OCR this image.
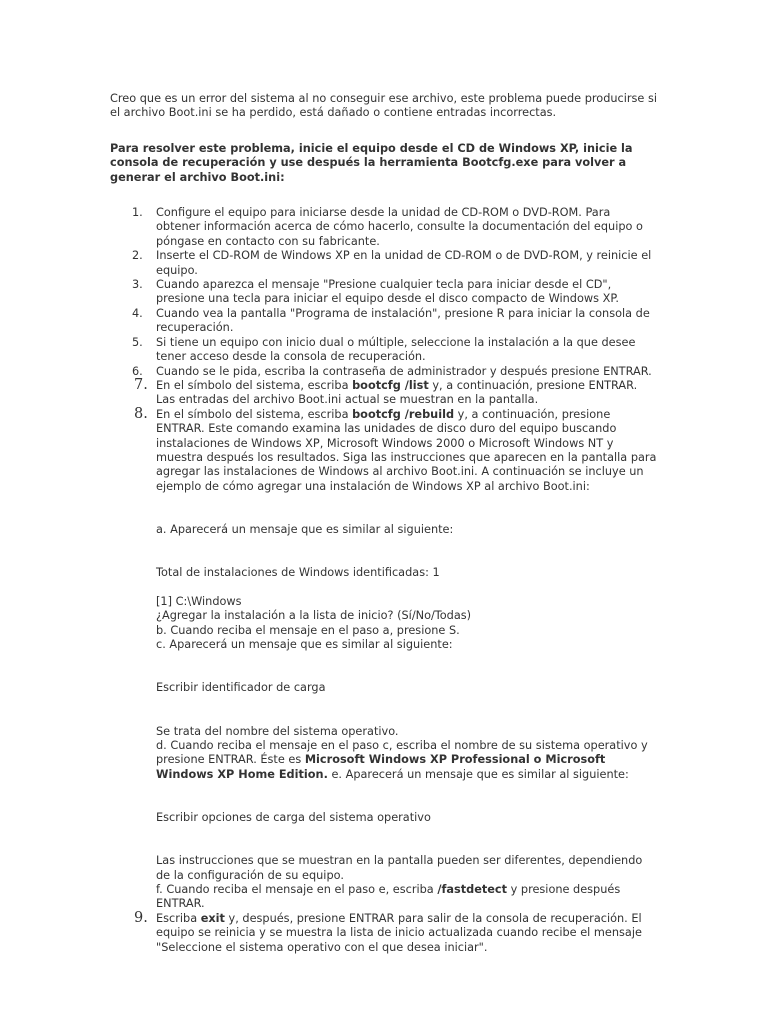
Creo que es un error del sistema al no conseguir ese archivo, este problema puede producirse si el archivo Boot.ini se ha perdido, está dañado o contiene entradas incorrectas.

Para resolver este problema, inicie el equipo desde el CD de Windows XP, inicie la consola de recuperación y use después la herramienta Bootcfg.exe para volver a generar el archivo Boot.ini:

1.	Configure el equipo para iniciarse desde la unidad de CD-ROM o DVD-ROM. Para obtener información acerca de cómo hacerlo, consulte la documentación del equipo o póngase en contacto con su fabricante.
2.	Inserte el CD-ROM de Windows XP en la unidad de CD-ROM o de DVD-ROM, y reinicie el equipo.
3.	Cuando aparezca el mensaje "Presione cualquier tecla para iniciar desde el CD", presione una tecla para iniciar el equipo desde el disco compacto de Windows XP.
4.	Cuando vea la pantalla "Programa de instalación", presione R para iniciar la consola de recuperación.
5.	Si tiene un equipo con inicio dual o múltiple, seleccione la instalación a la que desee tener acceso desde la consola de recuperación.
6.	Cuando se le pida, escriba la contraseña de administrador y después presione ENTRAR.
7. En el símbolo del sistema, escriba bootcfg /list y, a continuación, presione ENTRAR. Las entradas del archivo Boot.ini actual se muestran en la pantalla.
8. En el símbolo del sistema, escriba bootcfg /rebuild y, a continuación, presione ENTRAR. Este comando examina las unidades de disco duro del equipo buscando instalaciones de Windows XP, Microsoft Windows 2000 o Microsoft Windows NT y muestra después los resultados. Siga las instrucciones que aparecen en la pantalla para agregar las instalaciones de Windows al archivo Boot.ini. A continuación se incluye un ejemplo de cómo agregar una instalación de Windows XP al archivo Boot.ini:
a. Aparecerá un mensaje que es similar al siguiente:
Total de instalaciones de Windows identificadas: 1
[1] C:\Windows
¿Agregar la instalación a la lista de inicio? (Sí/No/Todas)
b. Cuando reciba el mensaje en el paso a, presione S.
c. Aparecerá un mensaje que es similar al siguiente:
Escribir identificador de carga
Se trata del nombre del sistema operativo.
d. Cuando reciba el mensaje en el paso c, escriba el nombre de su sistema operativo y presione ENTRAR. Éste es Microsoft Windows XP Professional o Microsoft Windows XP Home Edition. e. Aparecerá un mensaje que es similar al siguiente:
Escribir opciones de carga del sistema operativo
Las instrucciones que se muestran en la pantalla pueden ser diferentes, dependiendo de la configuración de su equipo.
f. Cuando reciba el mensaje en el paso e, escriba /fastdetect y presione después ENTRAR.
9. Escriba exit y, después, presione ENTRAR para salir de la consola de recuperación. El equipo se reinicia y se muestra la lista de inicio actualizada cuando recibe el mensaje "Seleccione el sistema operativo con el que desea iniciar".
